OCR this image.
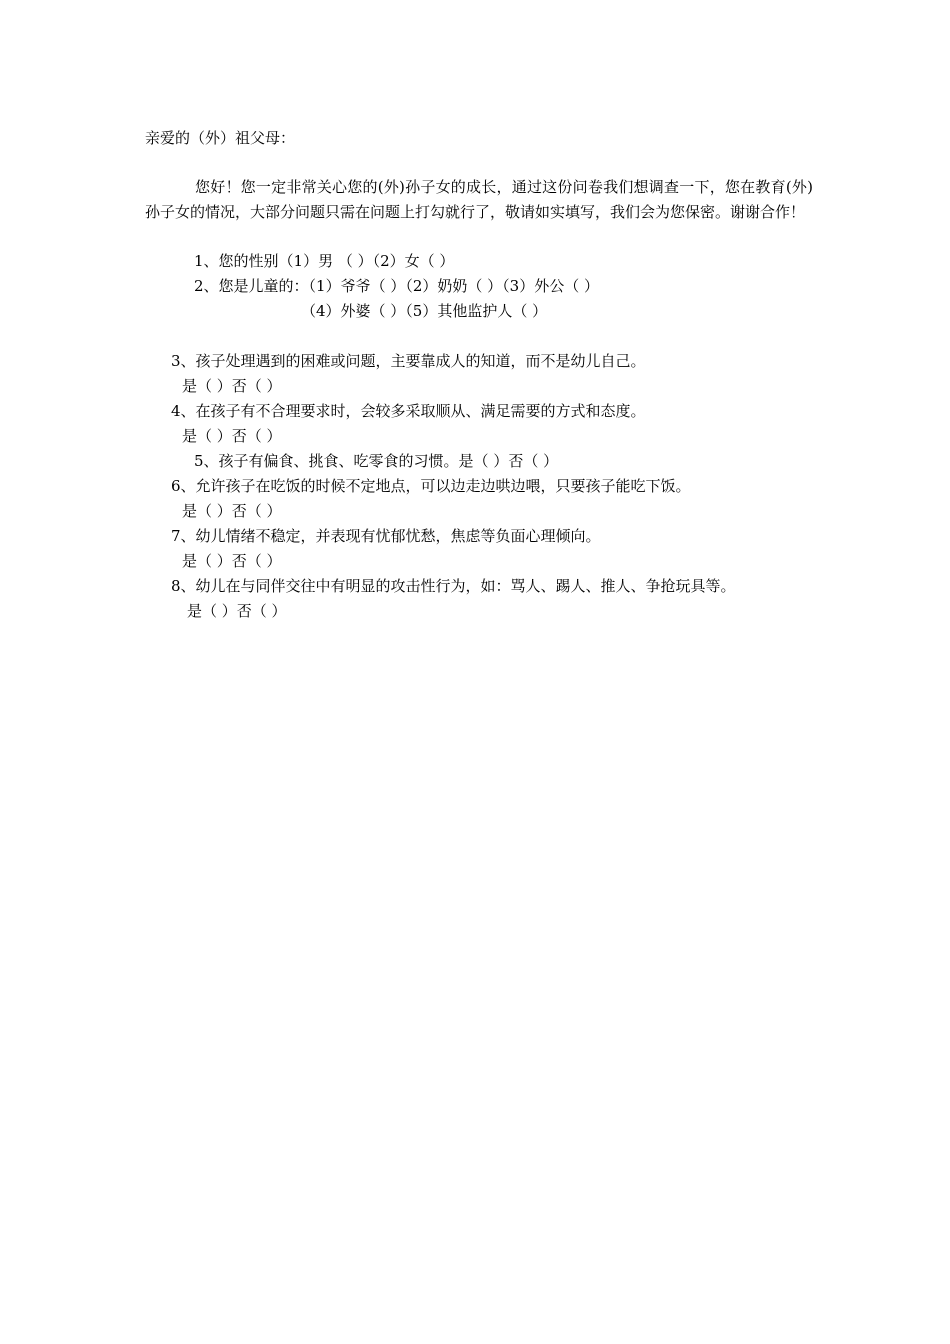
亲爱的（外）祖父母：
您好！您一定非常关心您的(外)孙子女的成长，通过这份问卷我们想调查一下，您在教育(外)孙子女的情况，大部分问题只需在问题上打勾就行了，敬请如实填写，我们会为您保密。谢谢合作！
1、您的性别（1）男 （ ）（2）女（ ）
2、您是儿童的：（1）爷爷（ ）（2）奶奶（ ）（3）外公（ ）
（4）外婆（ ）（5）其他监护人（ ）
3、孩子处理遇到的困难或问题，主要靠成人的知道，而不是幼儿自己。
是（ ）否（ ）
4、在孩子有不合理要求时，会较多采取顺从、满足需要的方式和态度。
是（ ）否（ ）
5、孩子有偏食、挑食、吃零食的习惯。是（ ）否（ ）
6、允许孩子在吃饭的时候不定地点，可以边走边哄边喂，只要孩子能吃下饭。
是（ ）否（ ）
7、幼儿情绪不稳定，并表现有忧郁忧愁，焦虑等负面心理倾向。
是（ ）否（ ）
8、幼儿在与同伴交往中有明显的攻击性行为，如：骂人、踢人、推人、争抢玩具等。
是（ ）否（ ）
